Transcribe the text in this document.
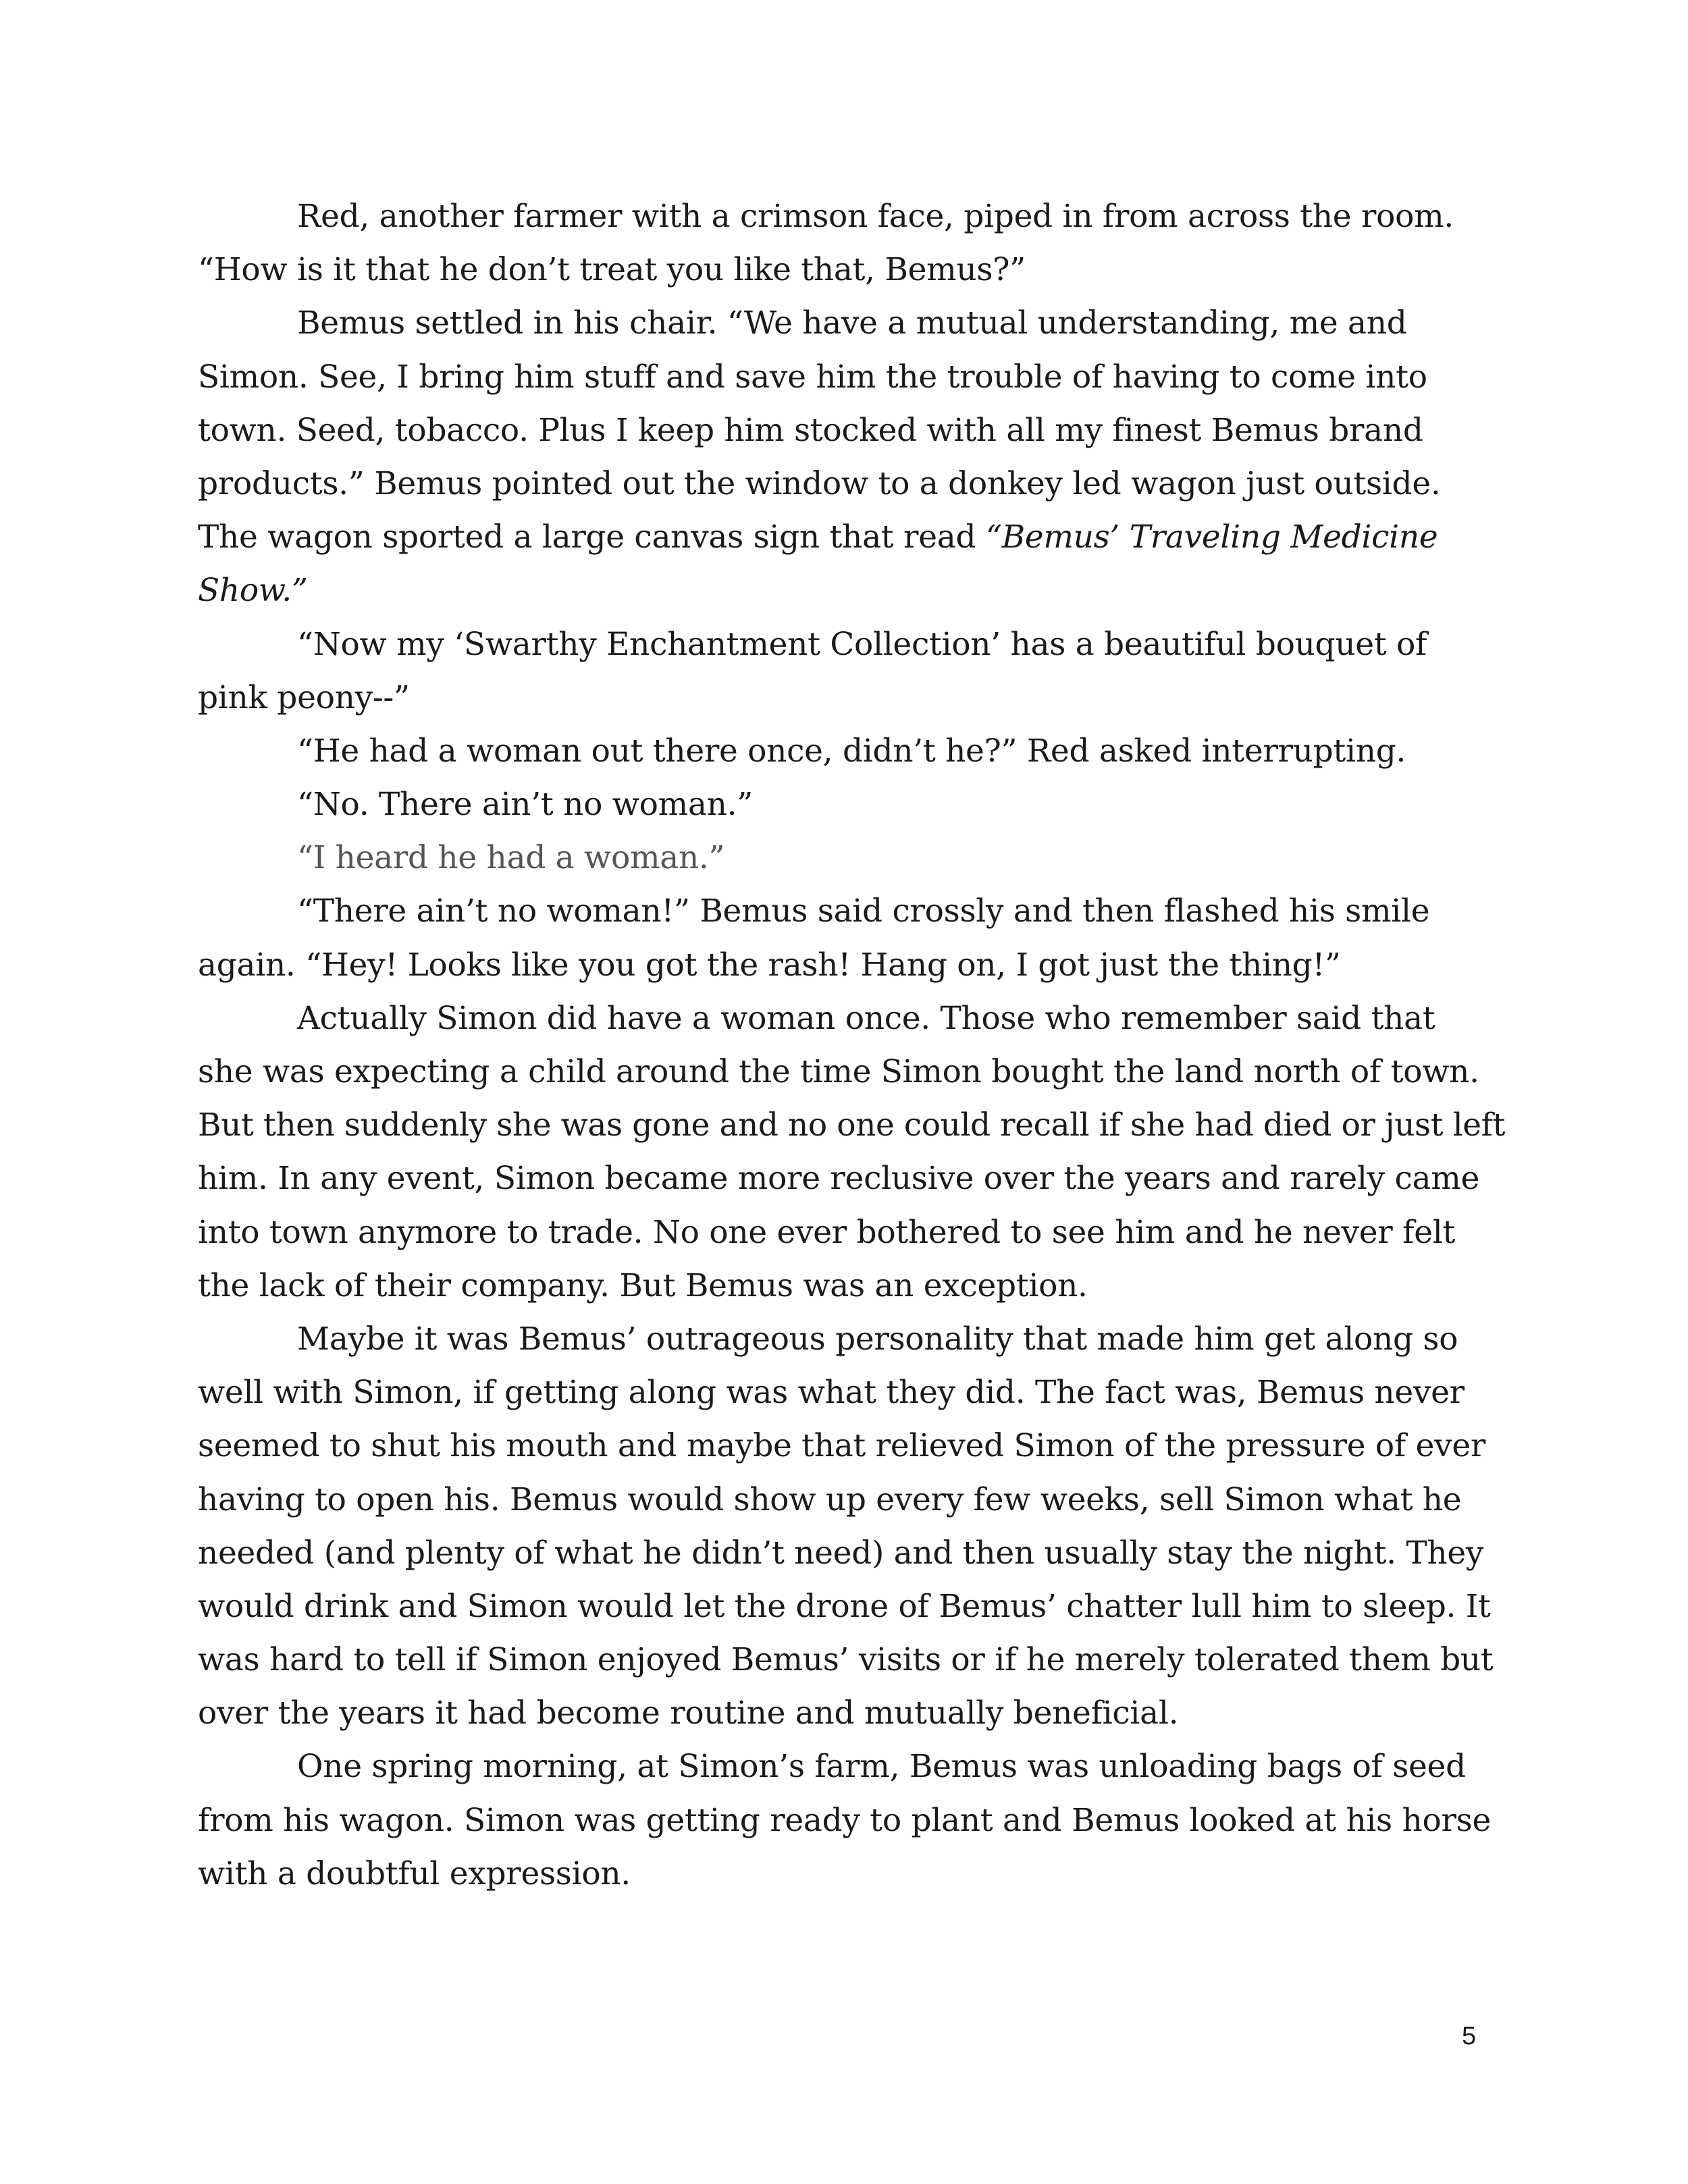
Red, another farmer with a crimson face, piped in from across the room.
“How is it that he don’t treat you like that, Bemus?”
Bemus settled in his chair. “We have a mutual understanding, me and
Simon. See, I bring him stuff and save him the trouble of having to come into
town. Seed, tobacco. Plus I keep him stocked with all my finest Bemus brand
products.” Bemus pointed out the window to a donkey led wagon just outside.
The wagon sported a large canvas sign that read “Bemus’ Traveling Medicine
Show.”
“Now my ‘Swarthy Enchantment Collection’ has a beautiful bouquet of
pink peony--”
“He had a woman out there once, didn’t he?” Red asked interrupting.
“No. There ain’t no woman.”
“I heard he had a woman.”
“There ain’t no woman!” Bemus said crossly and then flashed his smile
again. “Hey! Looks like you got the rash! Hang on, I got just the thing!”
Actually Simon did have a woman once. Those who remember said that
she was expecting a child around the time Simon bought the land north of town.
But then suddenly she was gone and no one could recall if she had died or just left
him. In any event, Simon became more reclusive over the years and rarely came
into town anymore to trade. No one ever bothered to see him and he never felt
the lack of their company. But Bemus was an exception.
Maybe it was Bemus’ outrageous personality that made him get along so
well with Simon, if getting along was what they did. The fact was, Bemus never
seemed to shut his mouth and maybe that relieved Simon of the pressure of ever
having to open his. Bemus would show up every few weeks, sell Simon what he
needed (and plenty of what he didn’t need) and then usually stay the night. They
would drink and Simon would let the drone of Bemus’ chatter lull him to sleep. It
was hard to tell if Simon enjoyed Bemus’ visits or if he merely tolerated them but
over the years it had become routine and mutually beneficial.
One spring morning, at Simon’s farm, Bemus was unloading bags of seed
from his wagon. Simon was getting ready to plant and Bemus looked at his horse
with a doubtful expression.
5
